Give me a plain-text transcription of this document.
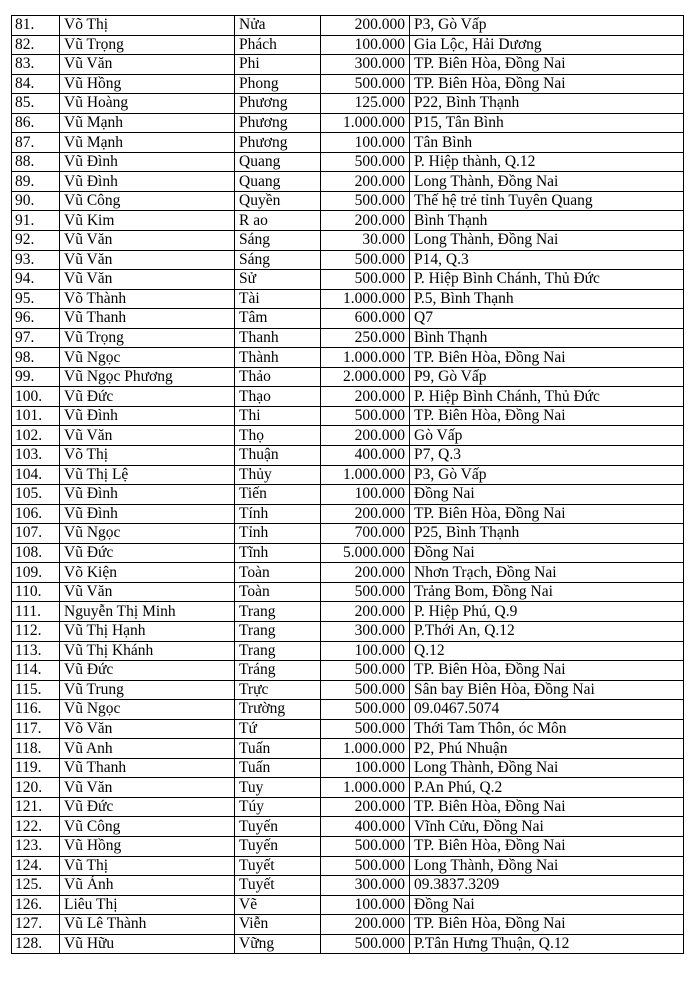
81.	Võ Thị	Nửa	200.000	P3, Gò Vấp
82.	Vũ Trọng	Phách	100.000	Gia Lộc, Hải Dương
83.	Vũ Văn	Phi	300.000	TP. Biên Hòa, Đồng Nai
84.	Vũ Hồng	Phong	500.000	TP. Biên Hòa, Đồng Nai
85.	Vũ Hoàng	Phương	125.000	P22, Bình Thạnh
86.	Vũ Mạnh	Phương	1.000.000	P15, Tân Bình
87.	Vũ Mạnh	Phương	100.000	Tân Bình
88.	Vũ Đình	Quang	500.000	P. Hiệp thành, Q.12
89.	Vũ Đình	Quang	200.000	Long Thành, Đồng Nai
90.	Vũ Công	Quyền	500.000	Thế hệ trẻ tỉnh Tuyên Quang
91.	Vũ Kim	R ao	200.000	Bình Thạnh
92.	Vũ Văn	Sáng	30.000	Long Thành, Đồng Nai
93.	Vũ Văn	Sáng	500.000	P14, Q.3
94.	Vũ Văn	Sử	500.000	P. Hiệp Bình Chánh, Thủ Đức
95.	Võ Thành	Tài	1.000.000	P.5, Bình Thạnh
96.	Vũ Thanh	Tâm	600.000	Q7
97.	Vũ Trọng	Thanh	250.000	Bình Thạnh
98.	Vũ Ngọc	Thành	1.000.000	TP. Biên Hòa, Đồng Nai
99.	Vũ Ngọc Phương	Thảo	2.000.000	P9, Gò Vấp
100.	Vũ Đức	Thạo	200.000	P. Hiệp Bình Chánh, Thủ Đức
101.	Vũ Đình	Thi	500.000	TP. Biên Hòa, Đồng Nai
102.	Vũ Văn	Thọ	200.000	Gò Vấp
103.	Võ Thị	Thuận	400.000	P7, Q.3
104.	Vũ Thị Lệ	Thủy	1.000.000	P3, Gò Vấp
105.	Vũ Đình	Tiến	100.000	Đồng Nai
106.	Vũ Đình	Tính	200.000	TP. Biên Hòa, Đồng Nai
107.	Vũ Ngọc	Tỉnh	700.000	P25, Bình Thạnh
108.	Vũ Đức	Tĩnh	5.000.000	Đồng Nai
109.	Võ Kiện	Toàn	200.000	Nhơn Trạch, Đồng Nai
110.	Vũ Văn	Toàn	500.000	Trảng Bom, Đồng Nai
111.	Nguyễn Thị Minh	Trang	200.000	P. Hiệp Phú, Q.9
112.	Vũ Thị Hạnh	Trang	300.000	P.Thới An, Q.12
113.	Vũ Thị Khánh	Trang	100.000	Q.12
114.	Vũ Đức	Tráng	500.000	TP. Biên Hòa, Đồng Nai
115.	Vũ Trung	Trực	500.000	Sân bay Biên Hòa, Đồng Nai
116.	Vũ Ngọc	Trường	500.000	09.0467.5074
117.	Võ Văn	Tứ	500.000	Thới Tam Thôn, óc Môn
118.	Vũ Anh	Tuấn	1.000.000	P2, Phú Nhuận
119.	Vũ Thanh	Tuấn	100.000	Long Thành, Đồng Nai
120.	Vũ Văn	Tuy	1.000.000	P.An Phú, Q.2
121.	Vũ Đức	Túy	200.000	TP. Biên Hòa, Đồng Nai
122.	Vũ Công	Tuyến	400.000	Vĩnh Cửu, Đồng Nai
123.	Vũ Hồng	Tuyến	500.000	TP. Biên Hòa, Đồng Nai
124.	Vũ Thị	Tuyết	500.000	Long Thành, Đồng Nai
125.	Vũ Ánh	Tuyết	300.000	09.3837.3209
126.	Liêu Thị	Vẽ	100.000	Đồng Nai
127.	Vũ Lê Thành	Viễn	200.000	TP. Biên Hòa, Đồng Nai
128.	Vũ Hữu	Vững	500.000	P.Tân Hưng Thuận, Q.12
